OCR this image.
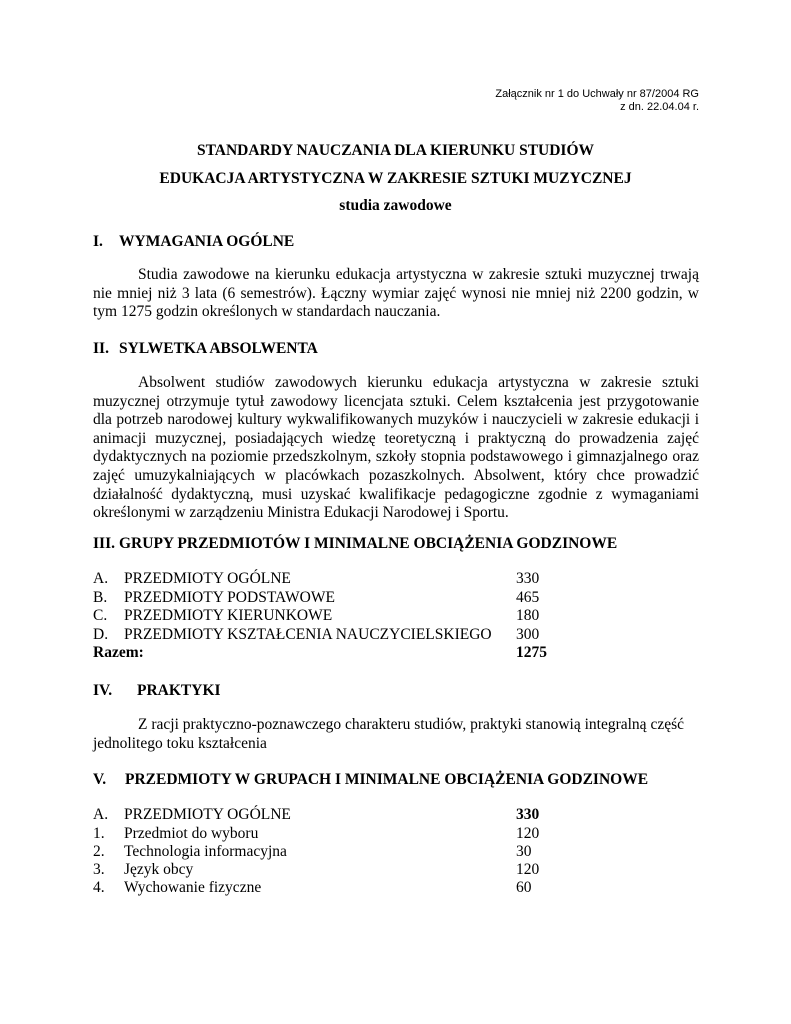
Załącznik nr 1 do Uchwały nr 87/2004 RG
z dn. 22.04.04 r.
STANDARDY NAUCZANIA DLA KIERUNKU STUDIÓW
EDUKACJA ARTYSTYCZNA W ZAKRESIE SZTUKI MUZYCZNEJ
studia zawodowe
I. WYMAGANIA OGÓLNE
Studia zawodowe na kierunku edukacja artystyczna w zakresie sztuki muzycznej trwają nie mniej niż 3 lata (6 semestrów). Łączny wymiar zajęć wynosi nie mniej niż 2200 godzin, w tym 1275 godzin określonych w standardach nauczania.
II. SYLWETKA ABSOLWENTA
Absolwent studiów zawodowych kierunku edukacja artystyczna w zakresie sztuki muzycznej otrzymuje tytuł zawodowy licencjata sztuki. Celem kształcenia jest przygotowanie dla potrzeb narodowej kultury wykwalifikowanych muzyków i nauczycieli w zakresie edukacji i animacji muzycznej, posiadających wiedzę teoretyczną i praktyczną do prowadzenia zajęć dydaktycznych na poziomie przedszkolnym, szkoły stopnia podstawowego i gimnazjalnego oraz zajęć umuzykalniających w placówkach pozaszkolnych. Absolwent, który chce prowadzić działalność dydaktyczną, musi uzyskać kwalifikacje pedagogiczne zgodnie z wymaganiami określonymi w zarządzeniu Ministra Edukacji Narodowej i Sportu.
III. GRUPY PRZEDMIOTÓW I MINIMALNE OBCIĄŻENIA GODZINOWE
A. PRZEDMIOTY OGÓLNE	330
B. PRZEDMIOTY PODSTAWOWE	465
C. PRZEDMIOTY KIERUNKOWE	180
D. PRZEDMIOTY KSZTAŁCENIA NAUCZYCIELSKIEGO 300
Razem:	1275
IV. PRAKTYKI
Z racji praktyczno-poznawczego charakteru studiów, praktyki stanowią integralną część jednolitego toku kształcenia
V. PRZEDMIOTY W GRUPACH I MINIMALNE OBCIĄŻENIA GODZINOWE
A. PRZEDMIOTY OGÓLNE	330
1. Przedmiot do wyboru	120
2. Technologia informacyjna	30
3. Język obcy	120
4. Wychowanie fizyczne	60
